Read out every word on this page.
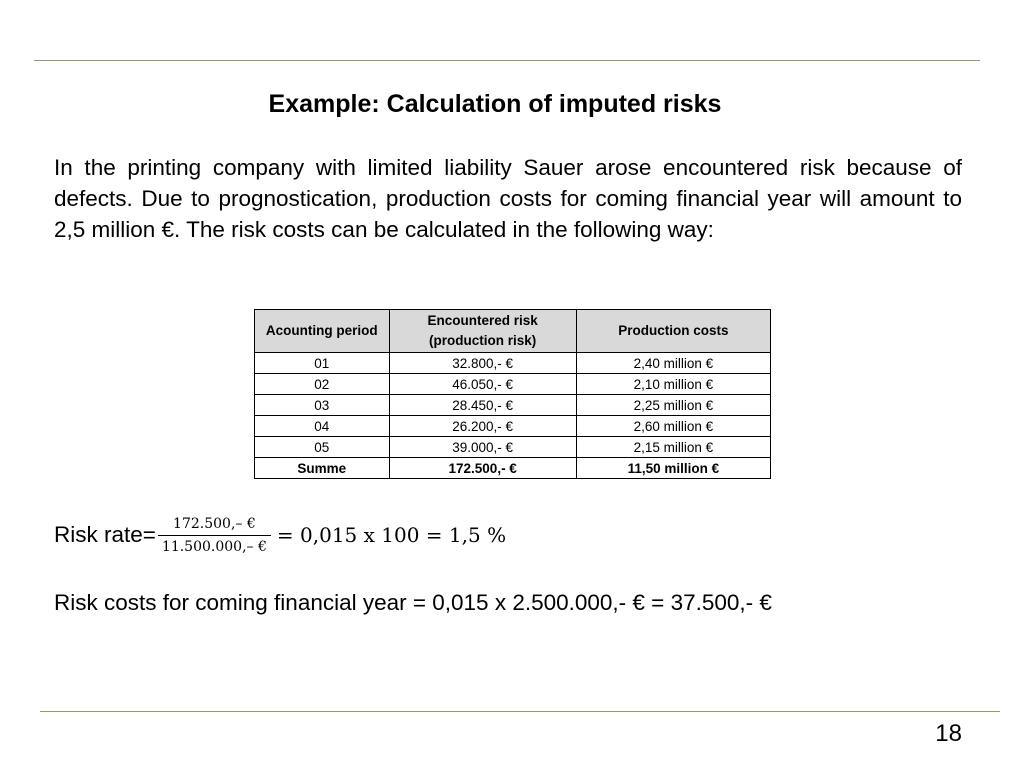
Example: Calculation of imputed risks
In the printing company with limited liability Sauer arose encountered risk because of defects. Due to prognostication, production costs for coming financial year will amount to 2,5 million €. The risk costs can be calculated in the following way:
Acounting period	Encountered risk (production risk)	Production costs
01	32.800,- €	2,40 million €
02	46.050,- €	2,10 million €
03	28.450,- €	2,25 million €
04	26.200,- €	2,60 million €
05	39.000,- €	2,15 million €
Summe	172.500,- €	11,50 million €
Risk rate= $\frac{172.500,- €}{11.500.000,- €} = 0,015$ x 100 = 1,5 %
Risk costs for coming financial year = 0,015 x 2.500.000,- € = 37.500,- €
18
